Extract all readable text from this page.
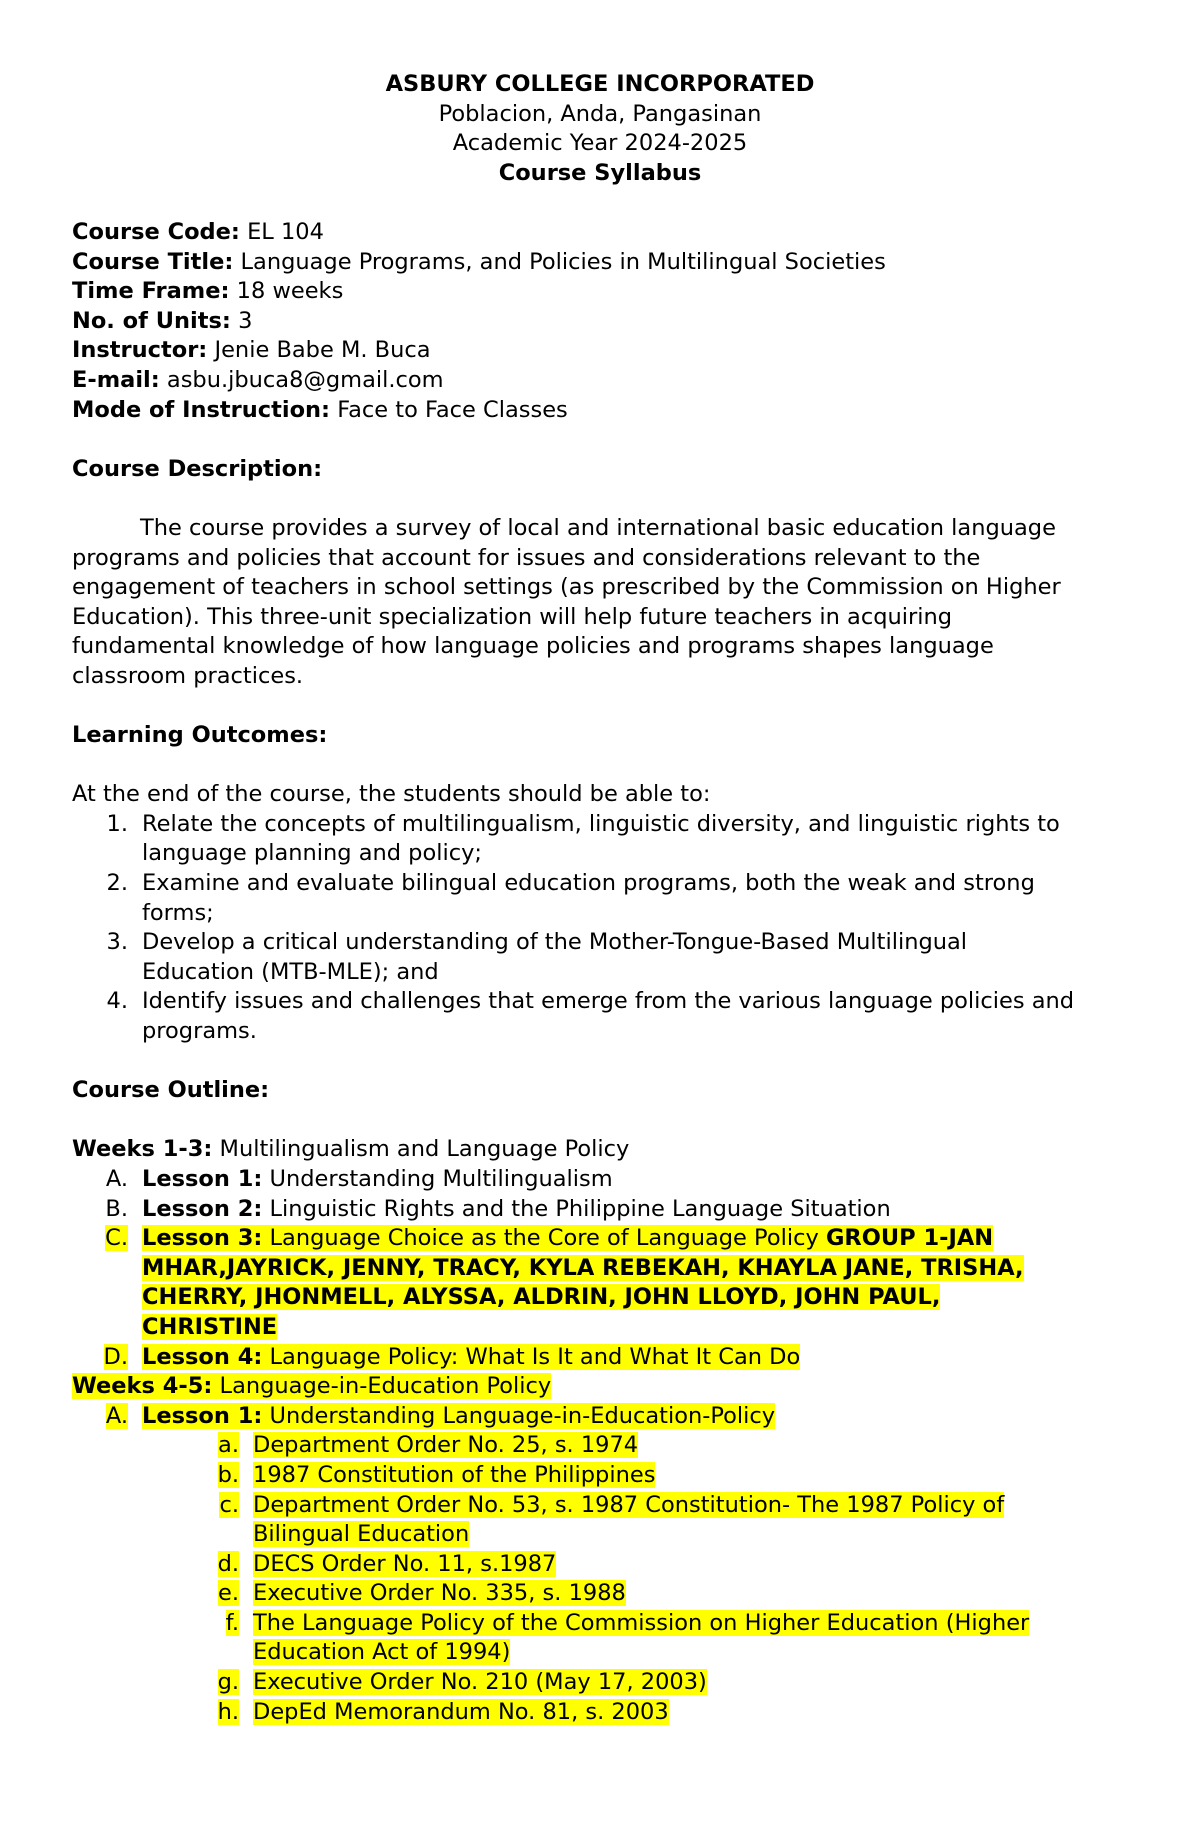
ASBURY COLLEGE INCORPORATED
Poblacion, Anda, Pangasinan
Academic Year 2024-2025
Course Syllabus
Course Code: EL 104
Course Title: Language Programs, and Policies in Multilingual Societies
Time Frame: 18 weeks
No. of Units: 3
Instructor: Jenie Babe M. Buca
E-mail: asbu.jbuca8@gmail.com
Mode of Instruction: Face to Face Classes
Course Description:
The course provides a survey of local and international basic education language
programs and policies that account for issues and considerations relevant to the
engagement of teachers in school settings (as prescribed by the Commission on Higher
Education). This three-unit specialization will help future teachers in acquiring
fundamental knowledge of how language policies and programs shapes language
classroom practices.
Learning Outcomes:
At the end of the course, the students should be able to:
1. Relate the concepts of multilingualism, linguistic diversity, and linguistic rights to
language planning and policy;
2. Examine and evaluate bilingual education programs, both the weak and strong
forms;
3. Develop a critical understanding of the Mother-Tongue-Based Multilingual
Education (MTB-MLE); and
4. Identify issues and challenges that emerge from the various language policies and
programs.
Course Outline:
Weeks 1-3: Multilingualism and Language Policy
A. Lesson 1: Understanding Multilingualism
B. Lesson 2: Linguistic Rights and the Philippine Language Situation
C. Lesson 3: Language Choice as the Core of Language Policy GROUP 1-JAN
MHAR,JAYRICK, JENNY, TRACY, KYLA REBEKAH, KHAYLA JANE, TRISHA,
CHERRY, JHONMELL, ALYSSA, ALDRIN, JOHN LLOYD, JOHN PAUL,
CHRISTINE
D. Lesson 4: Language Policy: What Is It and What It Can Do
Weeks 4-5: Language-in-Education Policy
A. Lesson 1: Understanding Language-in-Education-Policy
a. Department Order No. 25, s. 1974
b. 1987 Constitution of the Philippines
c. Department Order No. 53, s. 1987 Constitution- The 1987 Policy of
Bilingual Education
d. DECS Order No. 11, s.1987
e. Executive Order No. 335, s. 1988
f. The Language Policy of the Commission on Higher Education (Higher
Education Act of 1994)
g. Executive Order No. 210 (May 17, 2003)
h. DepEd Memorandum No. 81, s. 2003
